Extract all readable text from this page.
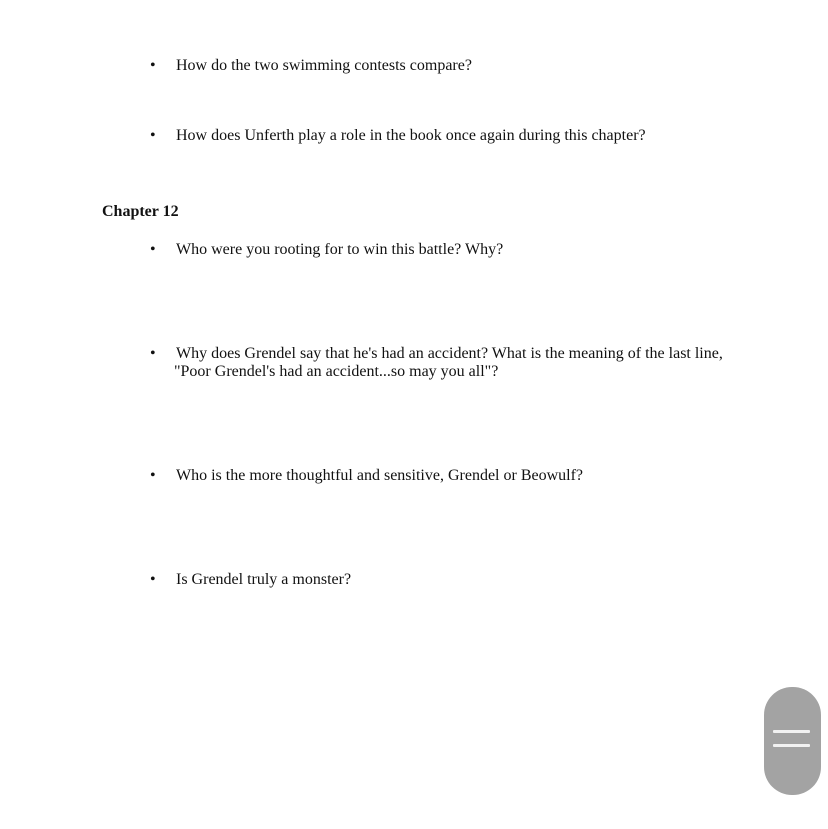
• How do the two swimming contests compare?
• How does Unferth play a role in the book once again during this chapter?
Chapter 12
• Who were you rooting for to win this battle? Why?
• Why does Grendel say that he's had an accident? What is the meaning of the last line,
"Poor Grendel's had an accident...so may you all"?
• Who is the more thoughtful and sensitive, Grendel or Beowulf?
• Is Grendel truly a monster?
